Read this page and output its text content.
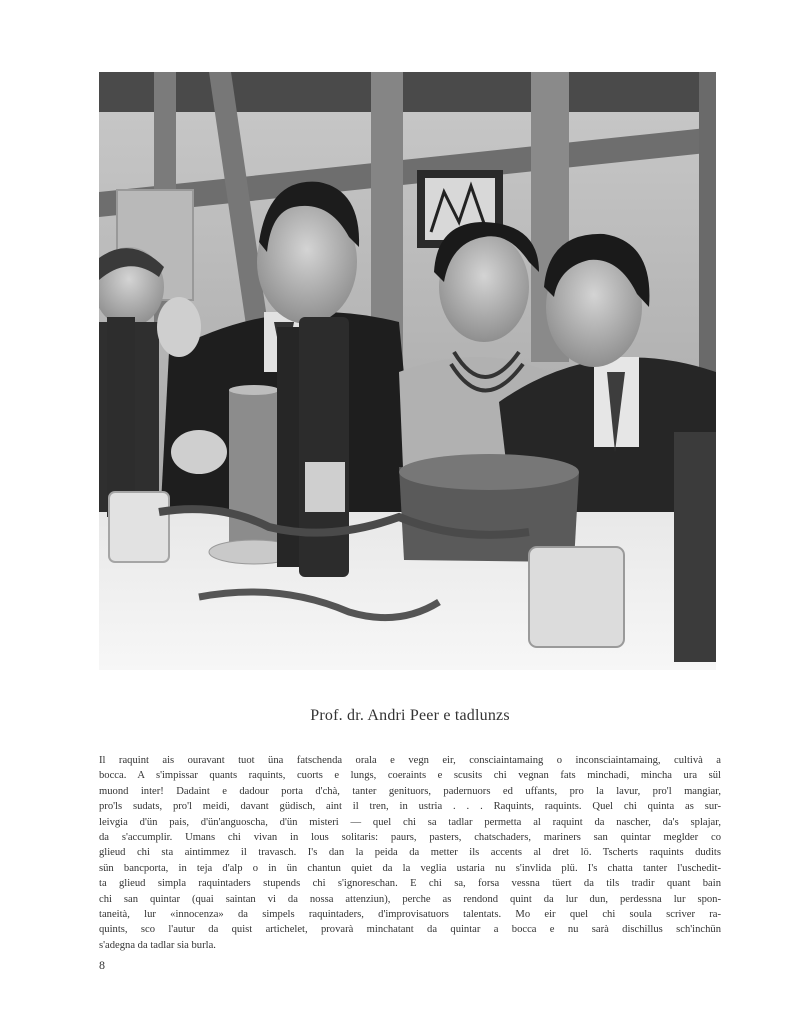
Prof. dr. Andri Peer e tadlunzs
Il raquint ais ouravant tuot üna fatschenda orala e vegn eir, consciaintamaing o inconsciaintamaing, cultivà a
bocca. A s'impissar quants raquints, cuorts e lungs, coeraints e scusits chi vegnan fats minchadi, mincha ura sül
muond inter! Dadaint e dadour porta d'chà, tanter genituors, padernuors ed uffants, pro la lavur, pro'l mangiar,
pro'ls sudats, pro'l meidi, davant güdisch, aint il tren, in ustria . . . Raquints, raquints. Quel chi quinta as sur-
leivgia d'ün pais, d'ün'anguoscha, d'ün misteri — quel chi sa tadlar permetta al raquint da nascher, da's splajar,
da s'accumplir. Umans chi vivan in lous solitaris: paurs, pasters, chatschaders, mariners san quintar meglder co
glieud chi sta aintimmez il travasch. I's dan la peida da metter ils accents al dret lö. Tscherts raquints dudits
sün bancporta, in teja d'alp o in ün chantun quiet da la veglia ustaria nu s'invlida plü. I's chatta tanter l'uschedit-
ta glieud simpla raquintaders stupends chi s'ignoreschan. E chi sa, forsa vessna tüert da tils tradir quant bain
chi san quintar (quai saintan vi da nossa attenziun), perche as rendond quint da lur dun, perdessna lur spon-
taneità, lur «innocenza» da simpels raquintaders, d'improvisatuors talentats. Mo eir quel chi soula scriver ra-
quints, sco l'autur da quist artichelet, provarà minchatant da quintar a bocca e nu sarà dischillus sch'inchün
s'adegna da tadlar sia burla.
8
